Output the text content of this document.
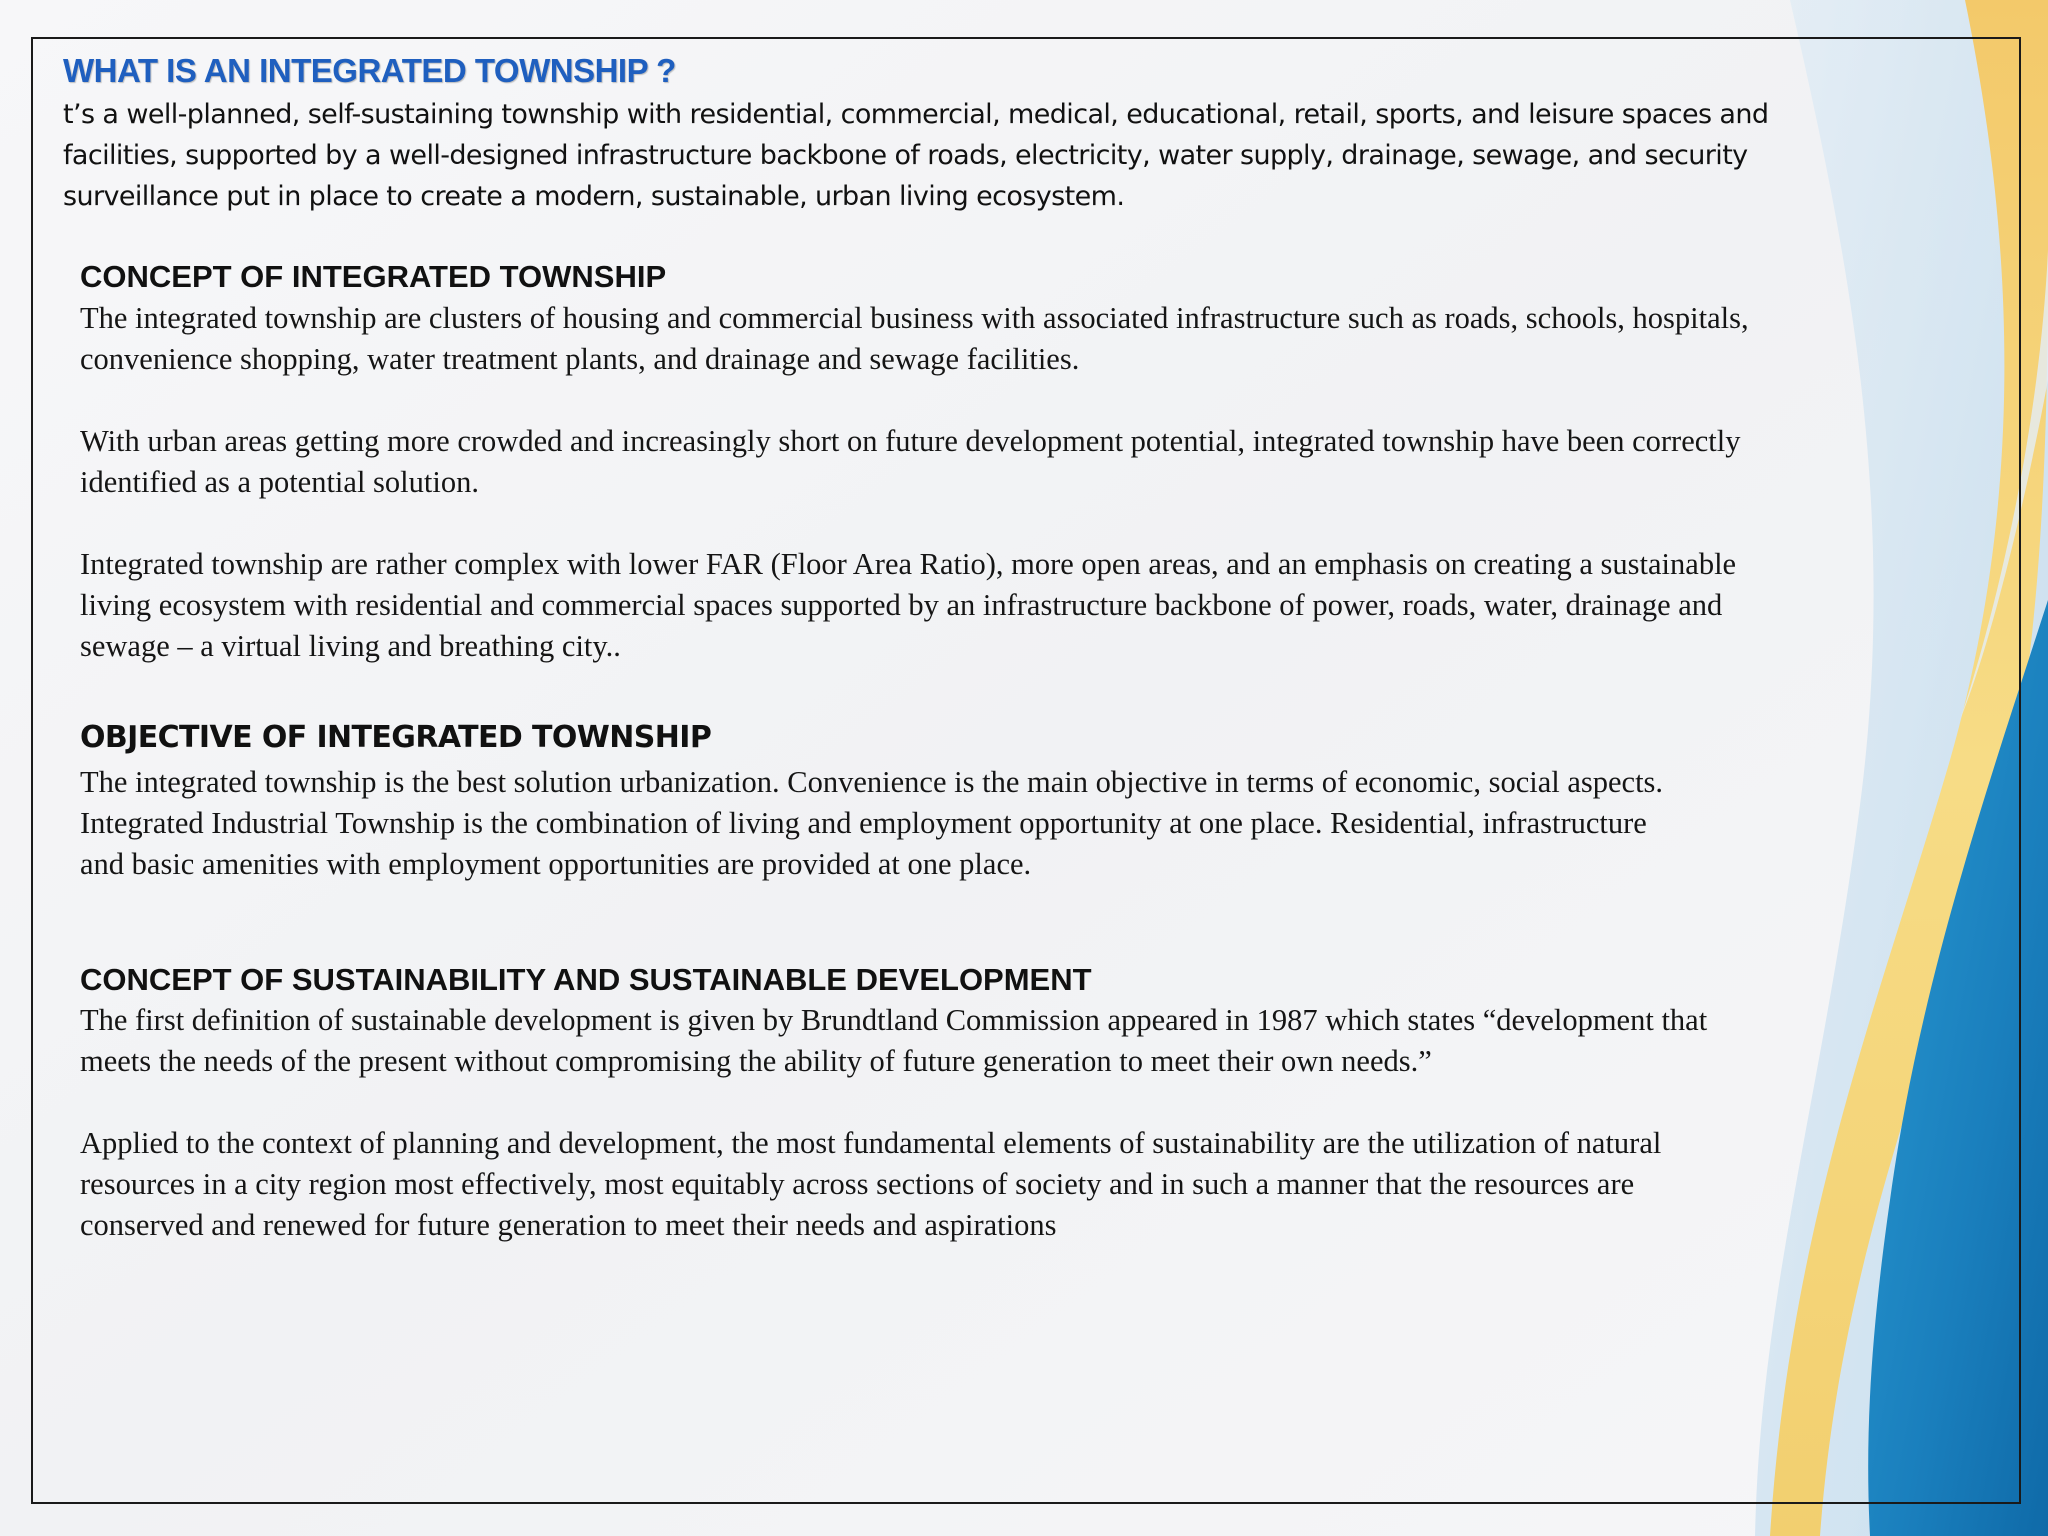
WHAT IS AN INTEGRATED TOWNSHIP ?

t’s a well-planned, self-sustaining township with residential, commercial, medical, educational, retail, sports, and leisure spaces and
facilities, supported by a well-designed infrastructure backbone of roads, electricity, water supply, drainage, sewage, and security
surveillance put in place to create a modern, sustainable, urban living ecosystem.

CONCEPT OF INTEGRATED TOWNSHIP

The integrated township are clusters of housing and commercial business with associated infrastructure such as roads, schools, hospitals,
convenience shopping, water treatment plants, and drainage and sewage facilities.

With urban areas getting more crowded and increasingly short on future development potential, integrated township have been correctly
identified as a potential solution.

Integrated township are rather complex with lower FAR (Floor Area Ratio), more open areas, and an emphasis on creating a sustainable
living ecosystem with residential and commercial spaces supported by an infrastructure backbone of power, roads, water, drainage and
sewage – a virtual living and breathing city..

OBJECTIVE OF INTEGRATED TOWNSHIP

The integrated township is the best solution urbanization. Convenience is the main objective in terms of economic, social aspects.
Integrated Industrial Township is the combination of living and employment opportunity at one place. Residential, infrastructure
and basic amenities with employment opportunities are provided at one place.

CONCEPT OF SUSTAINABILITY AND SUSTAINABLE DEVELOPMENT

The first definition of sustainable development is given by Brundtland Commission appeared in 1987 which states “development that
meets the needs of the present without compromising the ability of future generation to meet their own needs.”

Applied to the context of planning and development, the most fundamental elements of sustainability are the utilization of natural
resources in a city region most effectively, most equitably across sections of society and in such a manner that the resources are
conserved and renewed for future generation to meet their needs and aspirations
